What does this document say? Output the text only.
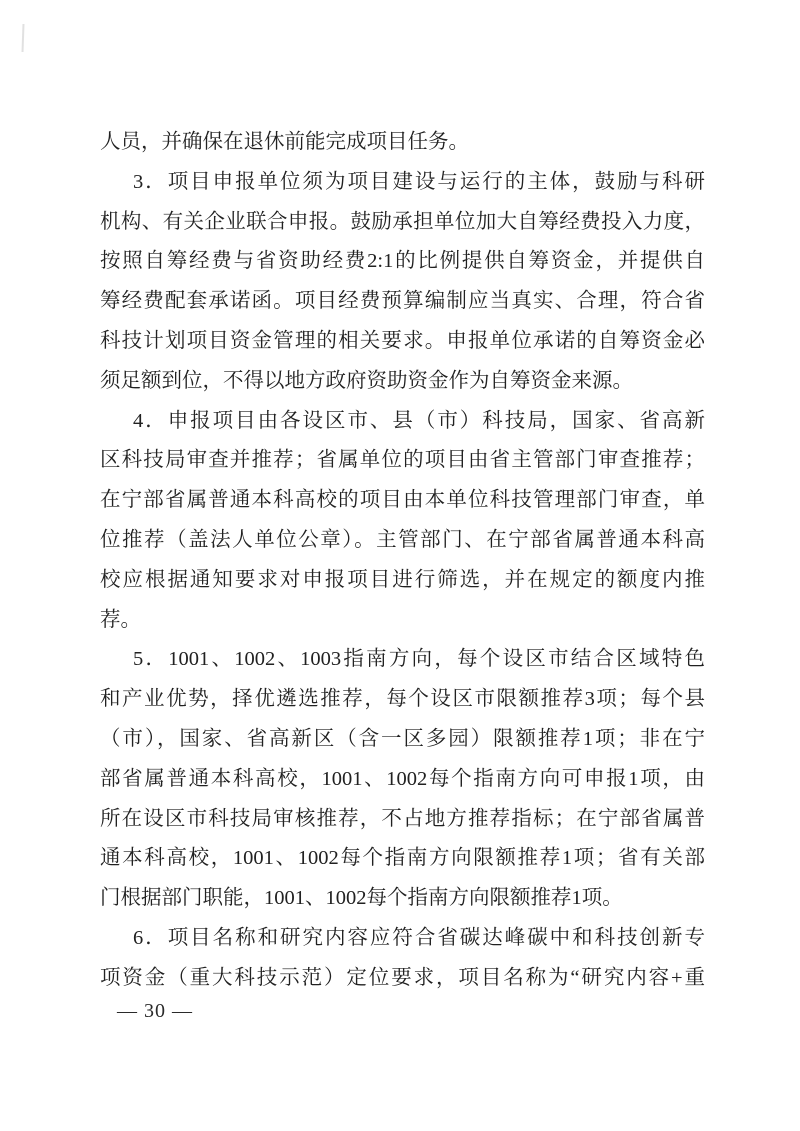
人员，并确保在退休前能完成项目任务。
3．项目申报单位须为项目建设与运行的主体，鼓励与科研
机构、有关企业联合申报。鼓励承担单位加大自筹经费投入力度，
按照自筹经费与省资助经费2:1的比例提供自筹资金，并提供自
筹经费配套承诺函。项目经费预算编制应当真实、合理，符合省
科技计划项目资金管理的相关要求。申报单位承诺的自筹资金必
须足额到位，不得以地方政府资助资金作为自筹资金来源。
4．申报项目由各设区市、县（市）科技局，国家、省高新
区科技局审查并推荐；省属单位的项目由省主管部门审查推荐；
在宁部省属普通本科高校的项目由本单位科技管理部门审查，单
位推荐（盖法人单位公章）。主管部门、在宁部省属普通本科高
校应根据通知要求对申报项目进行筛选，并在规定的额度内推
荐。
5．1001、1002、1003指南方向，每个设区市结合区域特色
和产业优势，择优遴选推荐，每个设区市限额推荐3项；每个县
（市），国家、省高新区（含一区多园）限额推荐1项；非在宁
部省属普通本科高校，1001、1002每个指南方向可申报1项，由
所在设区市科技局审核推荐，不占地方推荐指标；在宁部省属普
通本科高校，1001、1002每个指南方向限额推荐1项；省有关部
门根据部门职能，1001、1002每个指南方向限额推荐1项。
6．项目名称和研究内容应符合省碳达峰碳中和科技创新专
项资金（重大科技示范）定位要求，项目名称为“研究内容+重
— 30 —
